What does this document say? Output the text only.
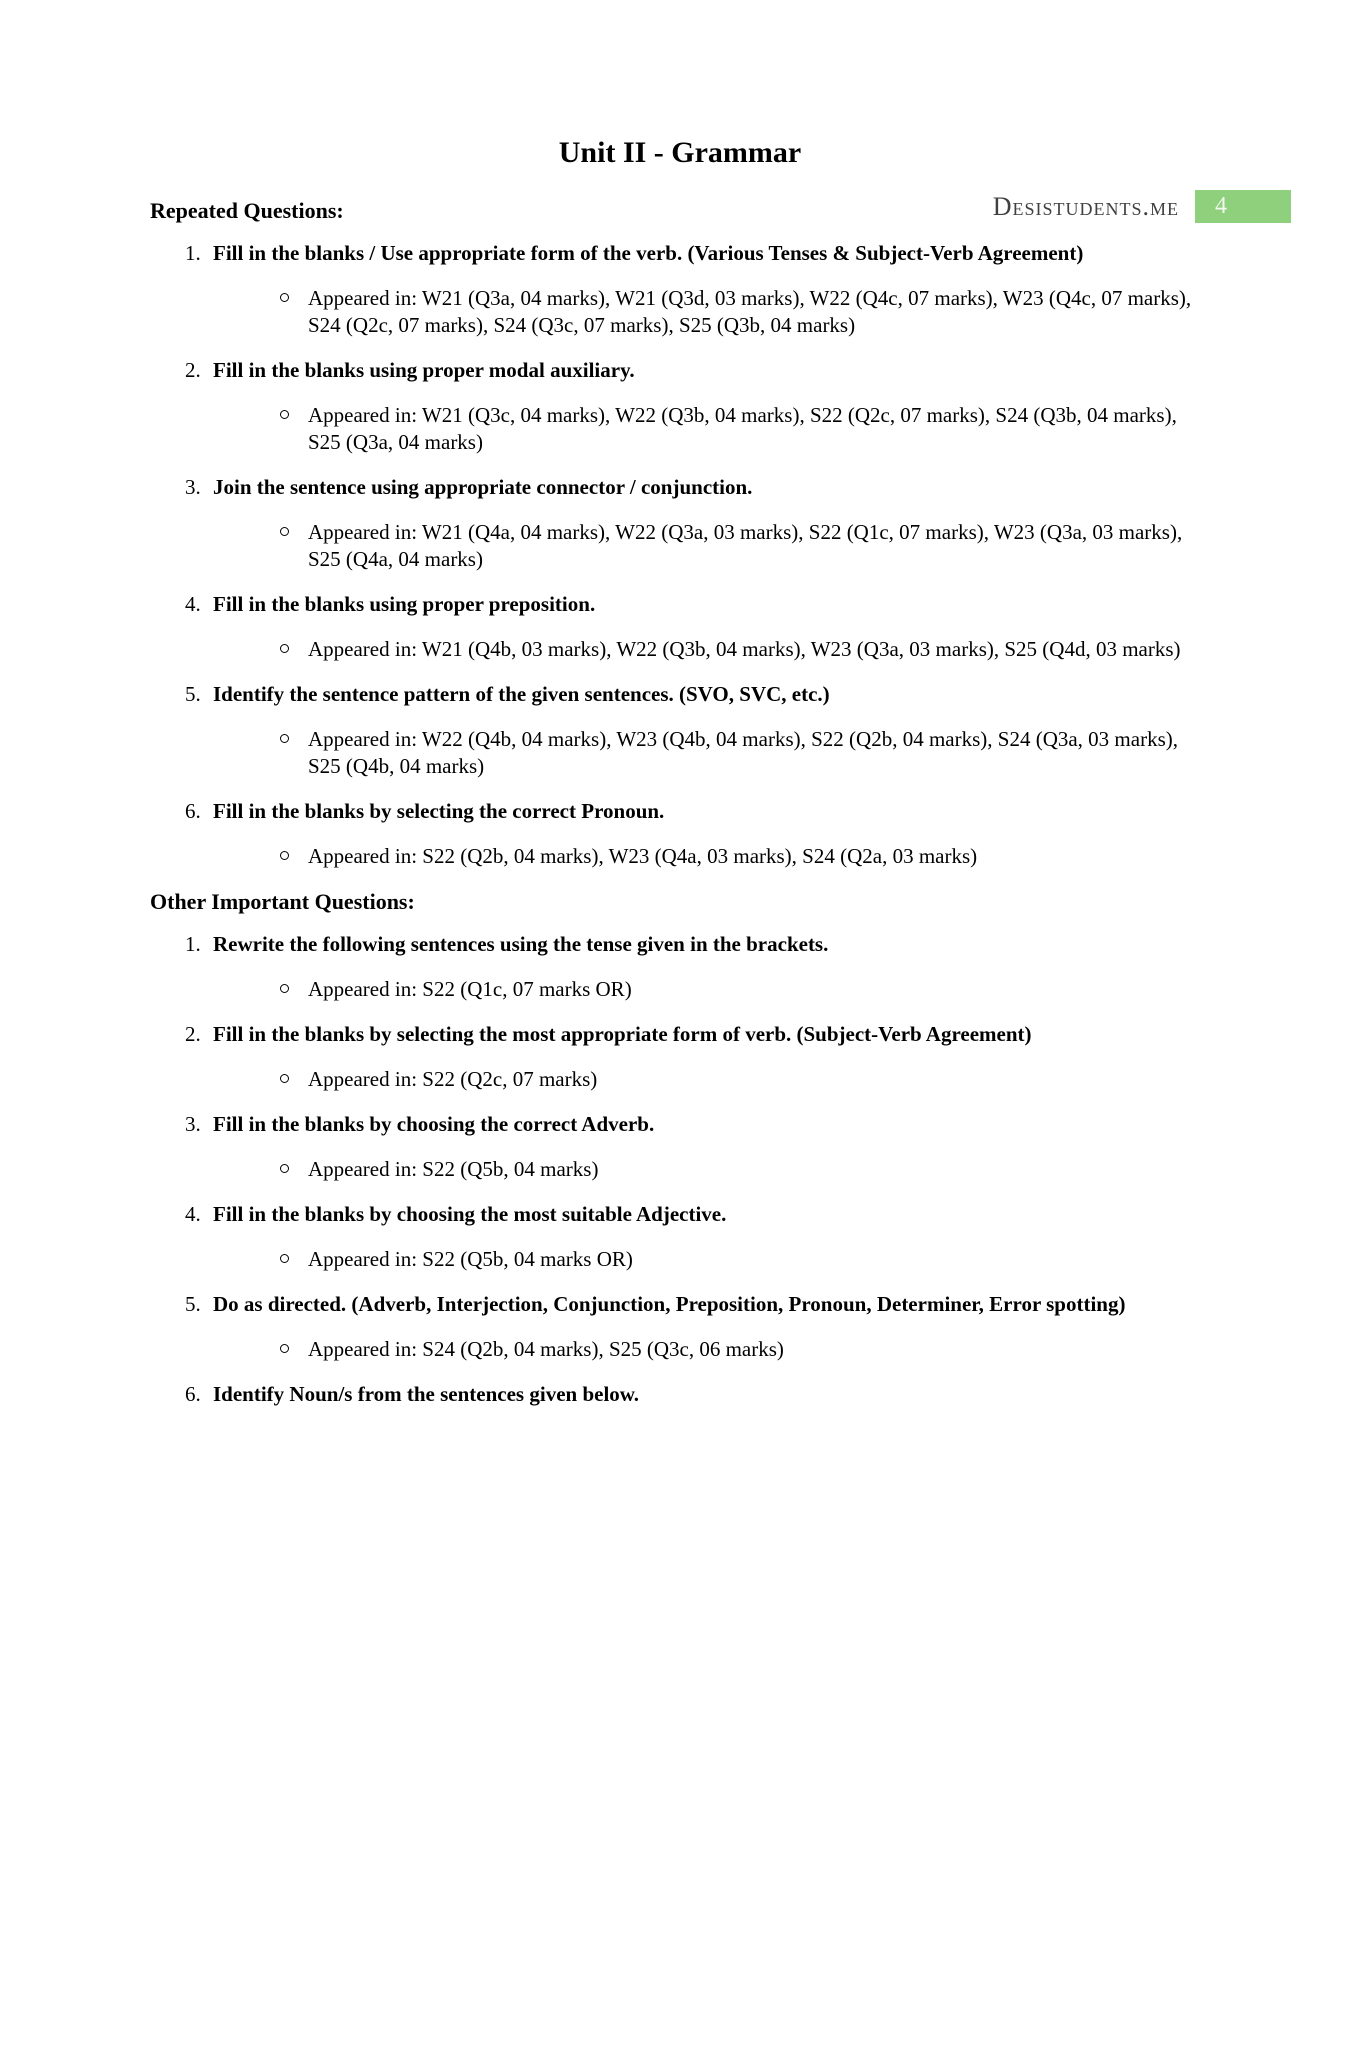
Desistudents.me	4
Unit II - Grammar
Repeated Questions:
1. Fill in the blanks / Use appropriate form of the verb. (Various Tenses & Subject-Verb Agreement)
Appeared in: W21 (Q3a, 04 marks), W21 (Q3d, 03 marks), W22 (Q4c, 07 marks), W23 (Q4c, 07 marks), S24 (Q2c, 07 marks), S24 (Q3c, 07 marks), S25 (Q3b, 04 marks)
2. Fill in the blanks using proper modal auxiliary.
Appeared in: W21 (Q3c, 04 marks), W22 (Q3b, 04 marks), S22 (Q2c, 07 marks), S24 (Q3b, 04 marks), S25 (Q3a, 04 marks)
3. Join the sentence using appropriate connector / conjunction.
Appeared in: W21 (Q4a, 04 marks), W22 (Q3a, 03 marks), S22 (Q1c, 07 marks), W23 (Q3a, 03 marks), S25 (Q4a, 04 marks)
4. Fill in the blanks using proper preposition.
Appeared in: W21 (Q4b, 03 marks), W22 (Q3b, 04 marks), W23 (Q3a, 03 marks), S25 (Q4d, 03 marks)
5. Identify the sentence pattern of the given sentences. (SVO, SVC, etc.)
Appeared in: W22 (Q4b, 04 marks), W23 (Q4b, 04 marks), S22 (Q2b, 04 marks), S24 (Q3a, 03 marks), S25 (Q4b, 04 marks)
6. Fill in the blanks by selecting the correct Pronoun.
Appeared in: S22 (Q2b, 04 marks), W23 (Q4a, 03 marks), S24 (Q2a, 03 marks)
Other Important Questions:
1. Rewrite the following sentences using the tense given in the brackets.
Appeared in: S22 (Q1c, 07 marks OR)
2. Fill in the blanks by selecting the most appropriate form of verb. (Subject-Verb Agreement)
Appeared in: S22 (Q2c, 07 marks)
3. Fill in the blanks by choosing the correct Adverb.
Appeared in: S22 (Q5b, 04 marks)
4. Fill in the blanks by choosing the most suitable Adjective.
Appeared in: S22 (Q5b, 04 marks OR)
5. Do as directed. (Adverb, Interjection, Conjunction, Preposition, Pronoun, Determiner, Error spotting)
Appeared in: S24 (Q2b, 04 marks), S25 (Q3c, 06 marks)
6. Identify Noun/s from the sentences given below.
